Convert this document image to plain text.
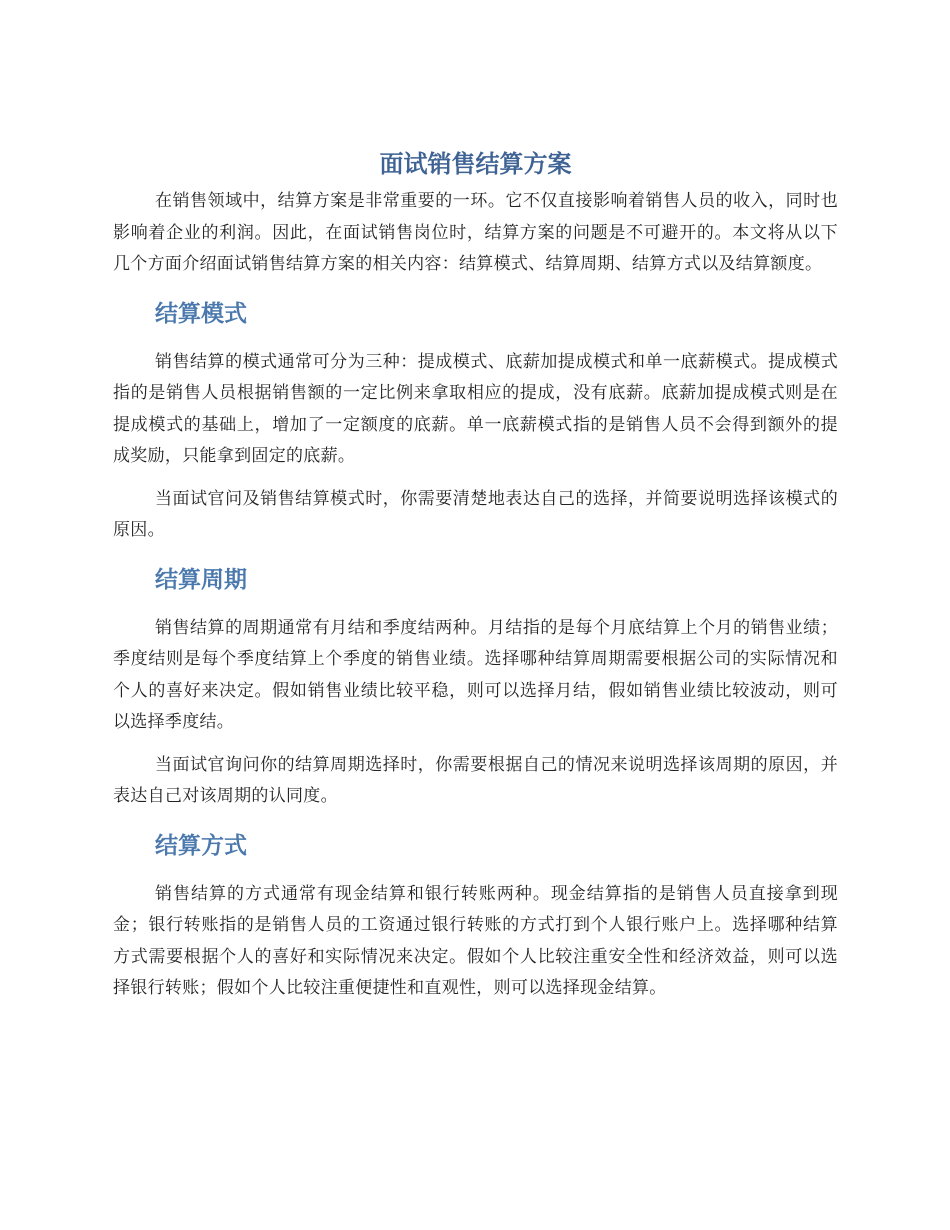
面试销售结算方案

在销售领域中，结算方案是非常重要的一环。它不仅直接影响着销售人员的收入，同时也影响着企业的利润。因此，在面试销售岗位时，结算方案的问题是不可避开的。本文将从以下几个方面介绍面试销售结算方案的相关内容：结算模式、结算周期、结算方式以及结算额度。

结算模式

销售结算的模式通常可分为三种：提成模式、底薪加提成模式和单一底薪模式。提成模式指的是销售人员根据销售额的一定比例来拿取相应的提成，没有底薪。底薪加提成模式则是在提成模式的基础上，增加了一定额度的底薪。单一底薪模式指的是销售人员不会得到额外的提成奖励，只能拿到固定的底薪。

当面试官问及销售结算模式时，你需要清楚地表达自己的选择，并简要说明选择该模式的原因。

结算周期

销售结算的周期通常有月结和季度结两种。月结指的是每个月底结算上个月的销售业绩；季度结则是每个季度结算上个季度的销售业绩。选择哪种结算周期需要根据公司的实际情况和个人的喜好来决定。假如销售业绩比较平稳，则可以选择月结，假如销售业绩比较波动，则可以选择季度结。

当面试官询问你的结算周期选择时，你需要根据自己的情况来说明选择该周期的原因，并表达自己对该周期的认同度。

结算方式

销售结算的方式通常有现金结算和银行转账两种。现金结算指的是销售人员直接拿到现金；银行转账指的是销售人员的工资通过银行转账的方式打到个人银行账户上。选择哪种结算方式需要根据个人的喜好和实际情况来决定。假如个人比较注重安全性和经济效益，则可以选择银行转账；假如个人比较注重便捷性和直观性，则可以选择现金结算。
